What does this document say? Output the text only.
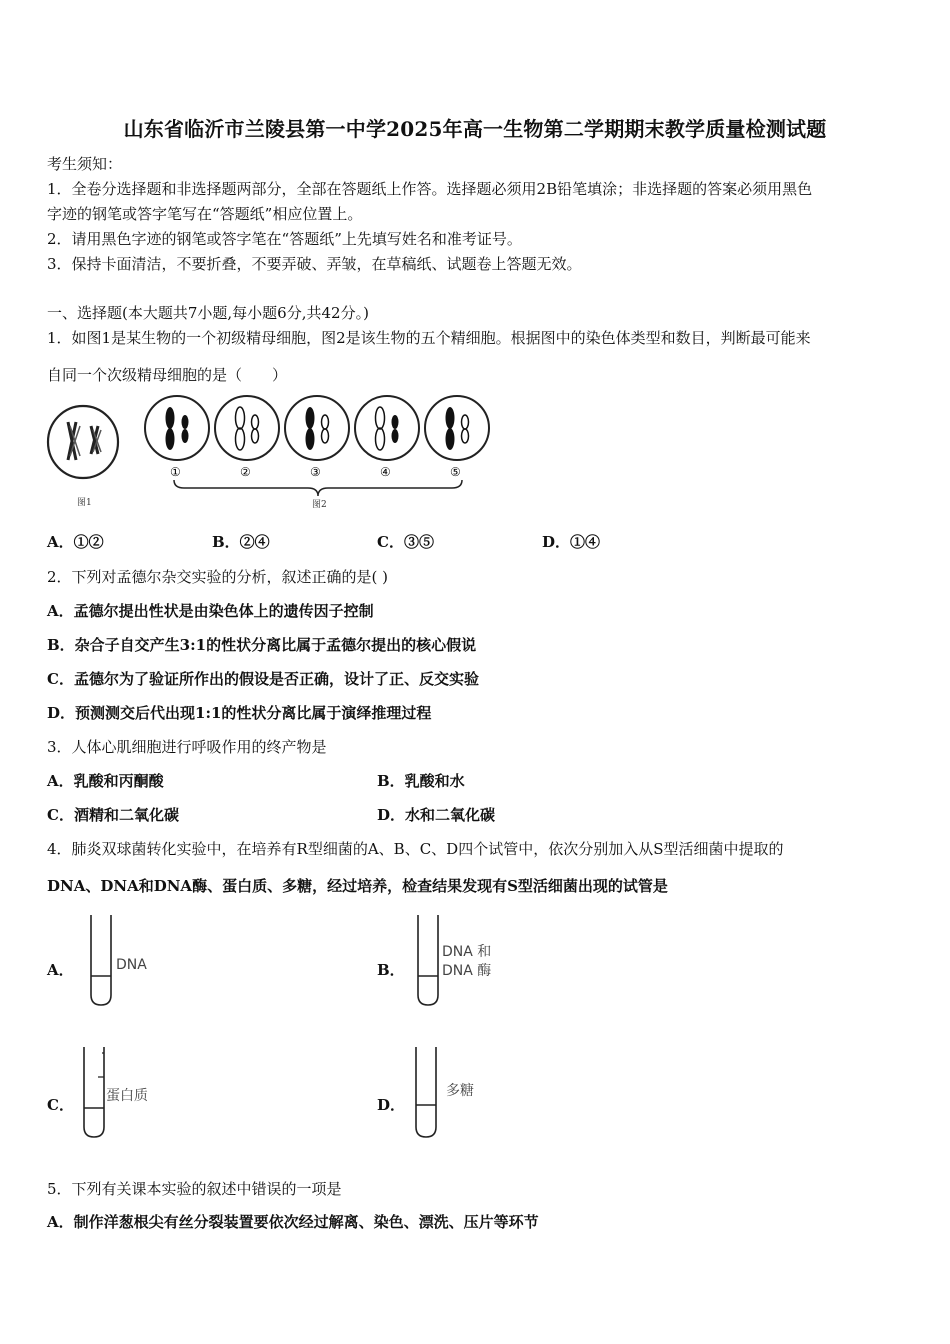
山东省临沂市兰陵县第一中学2025年高一生物第二学期期末教学质量检测试题
考生须知：
1．全卷分选择题和非选择题两部分，全部在答题纸上作答。选择题必须用2B铅笔填涂；非选择题的答案必须用黑色
字迹的钢笔或答字笔写在“答题纸”相应位置上。
2．请用黑色字迹的钢笔或答字笔在“答题纸”上先填写姓名和准考证号。
3．保持卡面清洁，不要折叠，不要弄破、弄皱，在草稿纸、试题卷上答题无效。
一、选择题(本大题共7小题,每小题6分,共42分。)
1．如图1是某生物的一个初级精母细胞，图2是该生物的五个精细胞。根据图中的染色体类型和数目，判断最可能来
自同一个次级精母细胞的是（　　）
图1
①	②	③	④	⑤
图2
A．①②	B．②④	C．③⑤	D．①④
2．下列对孟德尔杂交实验的分析，叙述正确的是( )
A．孟德尔提出性状是由染色体上的遗传因子控制
B．杂合子自交产生3:1的性状分离比属于孟德尔提出的核心假说
C．孟德尔为了验证所作出的假设是否正确，设计了正、反交实验
D．预测测交后代出现1:1的性状分离比属于演绎推理过程
3．人体心肌细胞进行呼吸作用的终产物是
A．乳酸和丙酮酸	B．乳酸和水
C．酒精和二氧化碳	D．水和二氧化碳
4．肺炎双球菌转化实验中，在培养有R型细菌的A、B、C、D四个试管中，依次分别加入从S型活细菌中提取的
DNA、DNA和DNA酶、蛋白质、多糖，经过培养，检查结果发现有S型活细菌出现的试管是
A．	DNA	B．
DNA 和
DNA 酶
C． 蛋白质	D．
多糖
5．下列有关课本实验的叙述中错误的一项是
A．制作洋葱根尖有丝分裂装置要依次经过解离、染色、漂洗、压片等环节
